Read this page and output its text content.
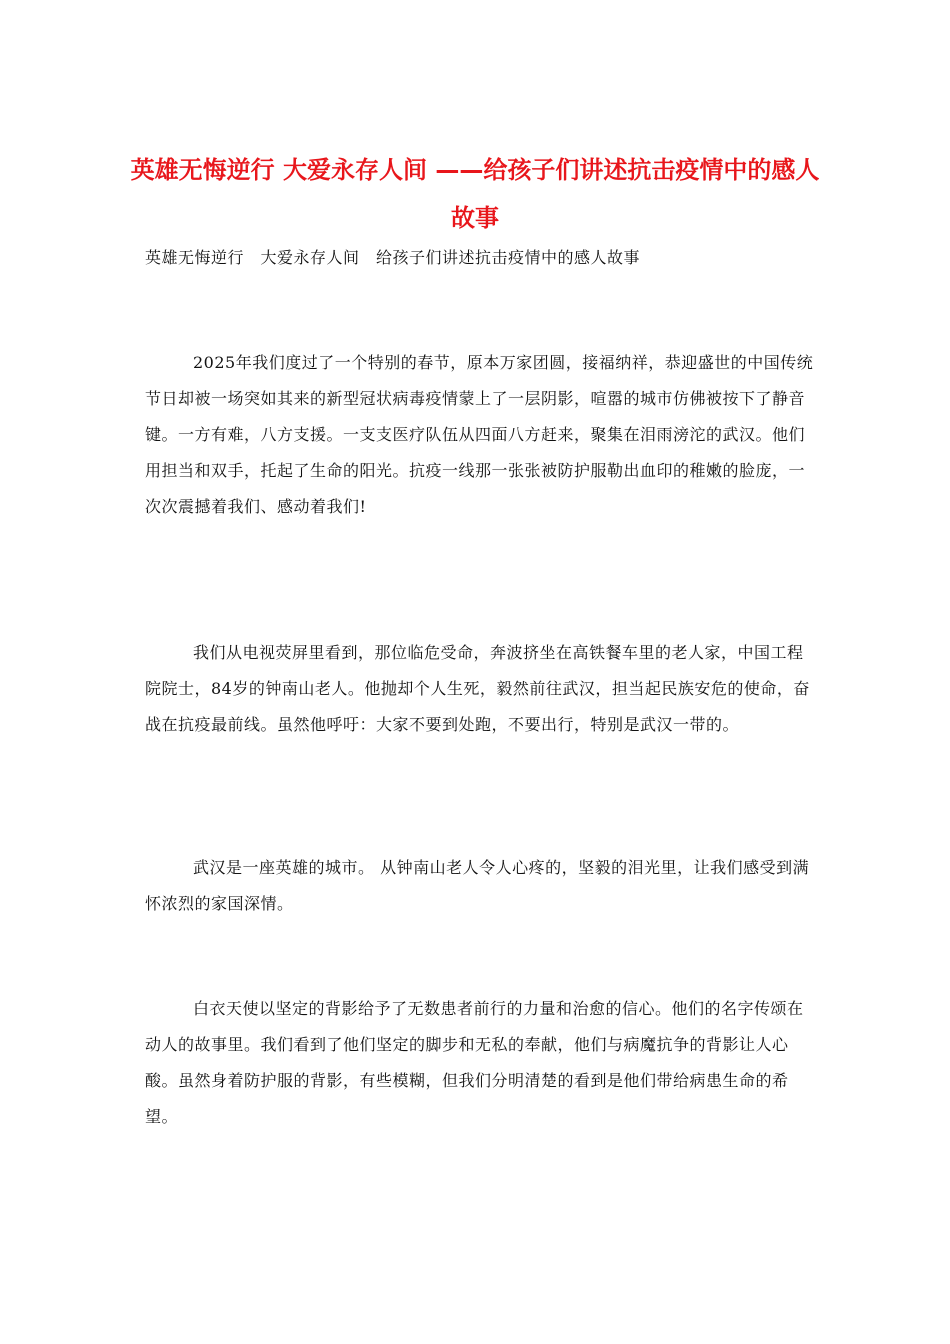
英雄无悔逆行 大爱永存人间 ——给孩子们讲述抗击疫情中的感人故事

英雄无悔逆行　大爱永存人间　给孩子们讲述抗击疫情中的感人故事

2025年我们度过了一个特别的春节，原本万家团圆，接福纳祥，恭迎盛世的中国传统节日却被一场突如其来的新型冠状病毒疫情蒙上了一层阴影，喧嚣的城市仿佛被按下了静音键。一方有难，八方支援。一支支医疗队伍从四面八方赶来，聚集在泪雨滂沱的武汉。他们用担当和双手，托起了生命的阳光。抗疫一线那一张张被防护服勒出血印的稚嫩的脸庞，一次次震撼着我们、感动着我们!

我们从电视荧屏里看到，那位临危受命，奔波挤坐在高铁餐车里的老人家，中国工程院院士，84岁的钟南山老人。他抛却个人生死，毅然前往武汉，担当起民族安危的使命，奋战在抗疫最前线。虽然他呼吁：大家不要到处跑，不要出行，特别是武汉一带的。

武汉是一座英雄的城市。 从钟南山老人令人心疼的，坚毅的泪光里，让我们感受到满怀浓烈的家国深情。

白衣天使以坚定的背影给予了无数患者前行的力量和治愈的信心。他们的名字传颂在动人的故事里。我们看到了他们坚定的脚步和无私的奉献，他们与病魔抗争的背影让人心酸。虽然身着防护服的背影，有些模糊，但我们分明清楚的看到是他们带给病患生命的希望。
